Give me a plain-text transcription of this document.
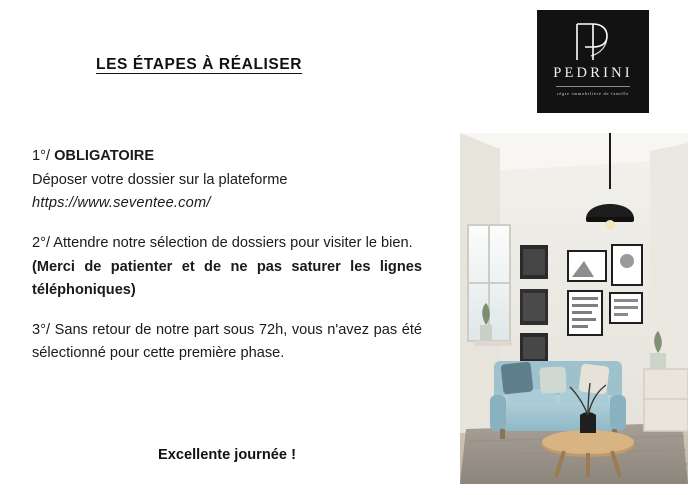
PEDRINI
régie immobilière de famille
LES ÉTAPES À RÉALISER
1°/ OBLIGATOIRE
Déposer votre dossier sur la plateforme
https://www.seventee.com/
2°/ Attendre notre sélection de dossiers pour visiter le bien.
(Merci de patienter et de ne pas saturer les lignes téléphoniques)
3°/ Sans retour de notre part sous 72h, vous n'avez pas été sélectionné pour cette première phase.
Excellente journée !
